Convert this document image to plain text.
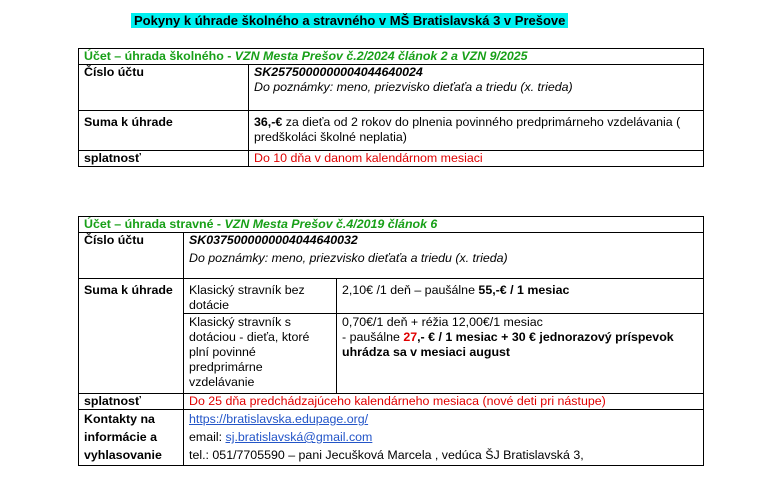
Pokyny k úhrade školného a stravného v MŠ Bratislavská 3 v Prešove
Účet – úhrada školného - VZN Mesta Prešov č.2/2024 článok 2 a VZN 9/2025	
Číslo účtu	SK2575000000004044640024
Do poznámky: meno, priezvisko dieťaťa a triedu (x. trieda)

Suma k úhrade	36,-€ za dieťa od 2 rokov do plnenia povinného predprimárneho vzdelávania ( predškoláci školné neplatia)
splatnosť	Do 10 dňa v danom kalendárnom mesiaci
Účet – úhrada stravné - VZN Mesta Prešov č.4/2019 článok 6		
Číslo účtu	SK0375000000004044640032
Do poznámky: meno, priezvisko dieťaťa a triedu (x. trieda)	

Suma k úhrade	Klasický stravník bez dotácie	2,10€ /1 deň – paušálne 55,-€ / 1 mesiac
	Klasický stravník s dotáciou - dieťa, ktoré plní povinné predprimárne vzdelávanie	0,70€/1 deň + réžia 12,00€/1 mesiac
- paušálne 27,- € / 1 mesiac + 30 € jednorazový príspevok uhrádza sa v mesiaci august

splatnosť	Do 25 dňa predchádzajúceho kalendárneho mesiaca (nové deti pri nástupe)	
Kontakty na informácie a vyhlasovanie	https://bratislavska.edupage.org/
email: sj.bratislavská@gmail.com
tel.: 051/7705590 – pani Jecušková Marcela , vedúca ŠJ Bratislavská 3,	
